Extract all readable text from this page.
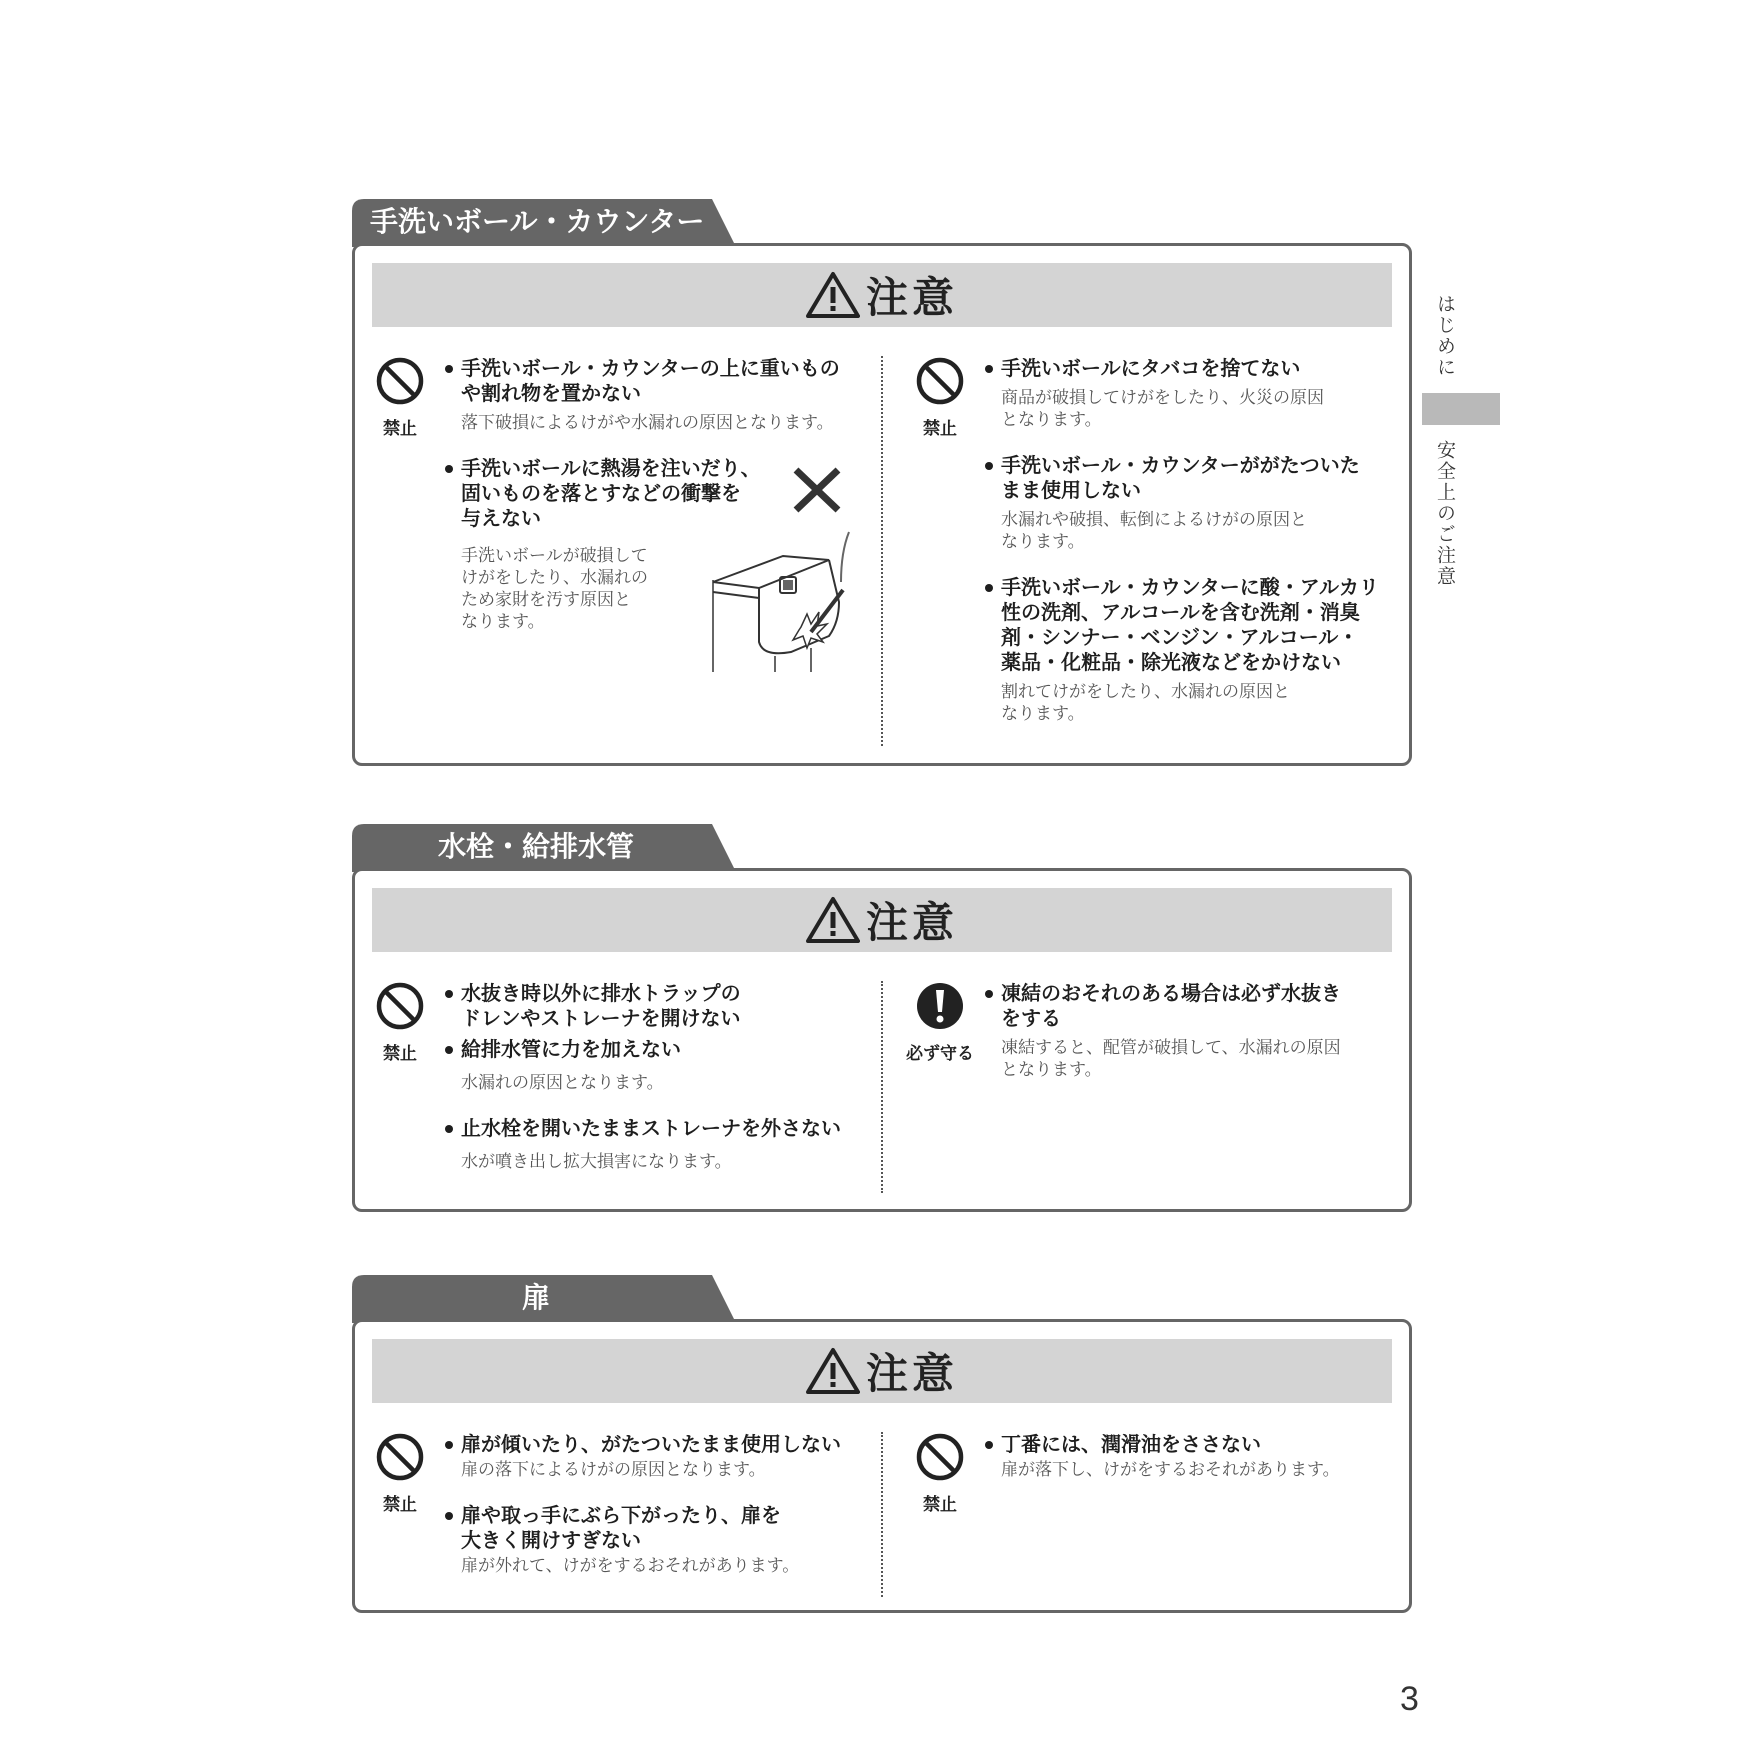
はじめに
安全上のご注意
手洗いボール・カウンター
注意
禁止
手洗いボール・カウンターの上に重いもの
や割れ物を置かない
落下破損によるけがや水漏れの原因となります。
手洗いボールに熱湯を注いだり、
固いものを落とすなどの衝撃を
与えない
手洗いボールが破損して
けがをしたり、水漏れの
ため家財を汚す原因と
なります。
禁止
手洗いボールにタバコを捨てない
商品が破損してけがをしたり、火災の原因
となります。
手洗いボール・カウンターががたついた
まま使用しない
水漏れや破損、転倒によるけがの原因と
なります。
手洗いボール・カウンターに酸・アルカリ
性の洗剤、アルコールを含む洗剤・消臭
剤・シンナー・ベンジン・アルコール・
薬品・化粧品・除光液などをかけない
割れてけがをしたり、水漏れの原因と
なります。
水栓・給排水管
注意
禁止
水抜き時以外に排水トラップの
ドレンやストレーナを開けない
給排水管に力を加えない
水漏れの原因となります。
止水栓を開いたままストレーナを外さない
水が噴き出し拡大損害になります。
必ず守る
凍結のおそれのある場合は必ず水抜き
をする
凍結すると、配管が破損して、水漏れの原因
となります。
扉
注意
禁止
扉が傾いたり、がたついたまま使用しない
扉の落下によるけがの原因となります。
扉や取っ手にぶら下がったり、扉を
大きく開けすぎない
扉が外れて、けがをするおそれがあります。
禁止
丁番には、潤滑油をささない
扉が落下し、けがをするおそれがあります。
3
